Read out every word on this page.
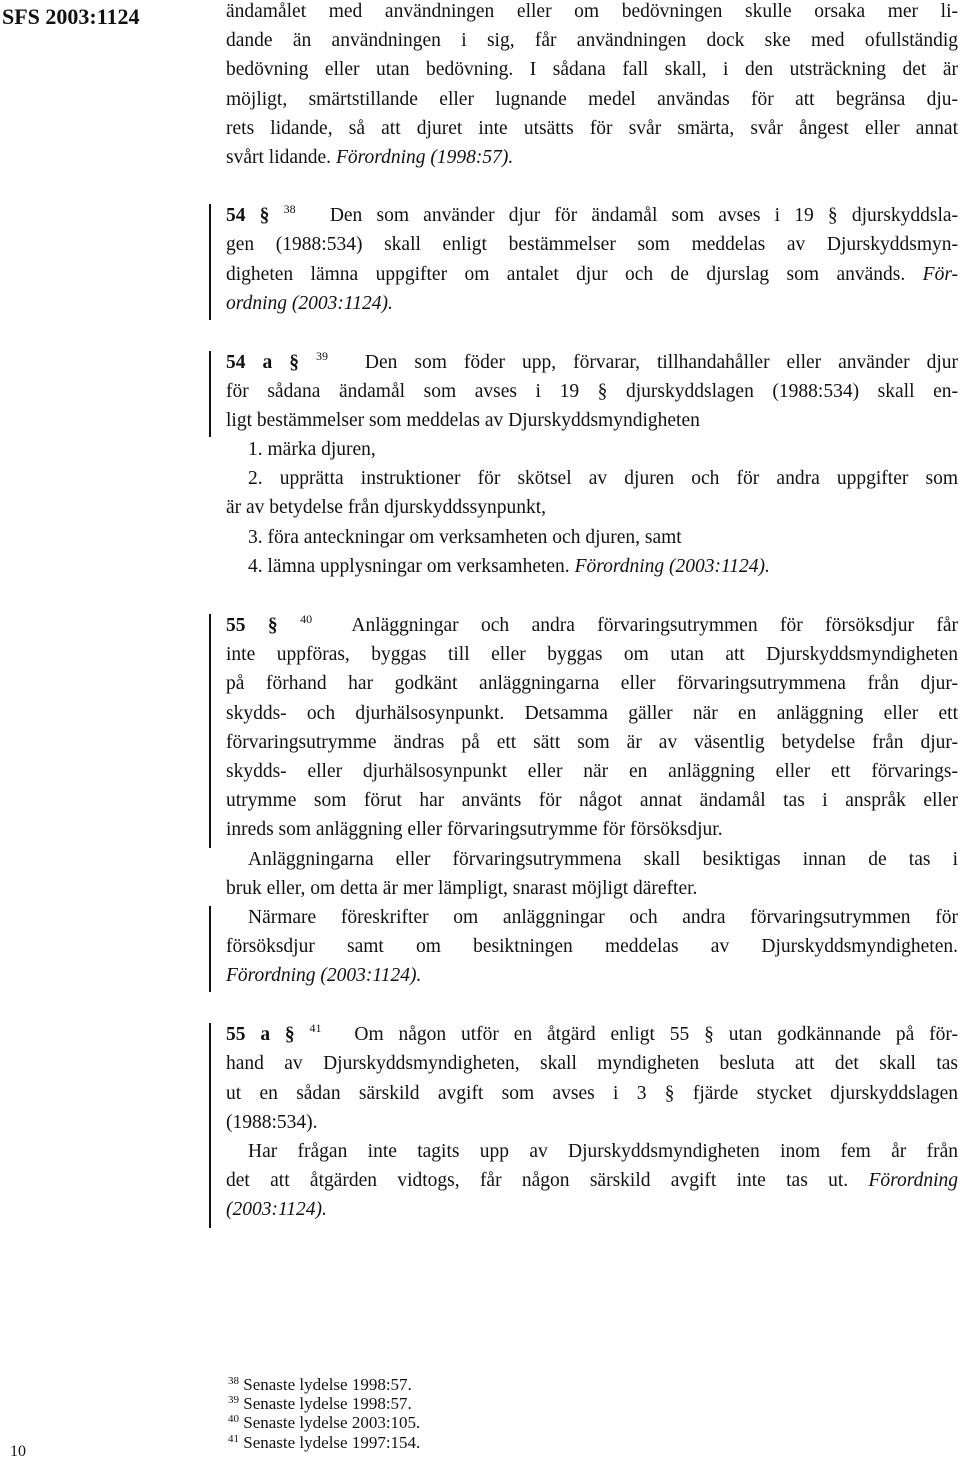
SFS 2003:1124	ändamålet med användningen eller om bedövningen skulle orsaka mer li-
dande än användningen i sig, får användningen dock ske med ofullständig
bedövning eller utan bedövning. I sådana fall skall, i den utsträckning det är
möjligt, smärtstillande eller lugnande medel användas för att begränsa dju-
rets lidande, så att djuret inte utsätts för svår smärta, svår ångest eller annat
svårt lidande. Förordning (1998:57).
54 § $^{38}$ Den som använder djur för ändamål som avses i 19 § djurskyddsla-
gen (1988:534) skall enligt bestämmelser som meddelas av Djurskyddsmyn-
digheten lämna uppgifter om antalet djur och de djurslag som används. För-
ordning (2003:1124).
54 a § $^{39}$ Den som föder upp, förvarar, tillhandahåller eller använder djur
för sådana ändamål som avses i 19 § djurskyddslagen (1988:534) skall en-
ligt bestämmelser som meddelas av Djurskyddsmyndigheten
1. märka djuren,
2. upprätta instruktioner för skötsel av djuren och för andra uppgifter som
är av betydelse från djurskyddssynpunkt,
3. föra anteckningar om verksamheten och djuren, samt
4. lämna upplysningar om verksamheten. Förordning (2003:1124).
55 § $^{40}$ Anläggningar och andra förvaringsutrymmen för försöksdjur får
inte uppföras, byggas till eller byggas om utan att Djurskyddsmyndigheten
på förhand har godkänt anläggningarna eller förvaringsutrymmena från djur-
skydds- och djurhälsosynpunkt. Detsamma gäller när en anläggning eller ett
förvaringsutrymme ändras på ett sätt som är av väsentlig betydelse från djur-
skydds- eller djurhälsosynpunkt eller när en anläggning eller ett förvarings-
utrymme som förut har använts för något annat ändamål tas i anspråk eller
inreds som anläggning eller förvaringsutrymme för försöksdjur.
Anläggningarna eller förvaringsutrymmena skall besiktigas innan de tas i
bruk eller, om detta är mer lämpligt, snarast möjligt därefter.
Närmare föreskrifter om anläggningar och andra förvaringsutrymmen för
försöksdjur samt om besiktningen meddelas av Djurskyddsmyndigheten.
Förordning (2003:1124).
55 a § $^{41}$ Om någon utför en åtgärd enligt 55 § utan godkännande på för-
hand av Djurskyddsmyndigheten, skall myndigheten besluta att det skall tas
ut en sådan särskild avgift som avses i 3 § fjärde stycket djurskyddslagen
(1988:534).
Har frågan inte tagits upp av Djurskyddsmyndigheten inom fem år från
det att åtgärden vidtogs, får någon särskild avgift inte tas ut. Förordning
(2003:1124).
$^{38}$ Senaste lydelse 1998:57.
$^{39}$ Senaste lydelse 1998:57.
$^{40}$ Senaste lydelse 2003:105.
$^{41}$ Senaste lydelse 1997:154.
10
